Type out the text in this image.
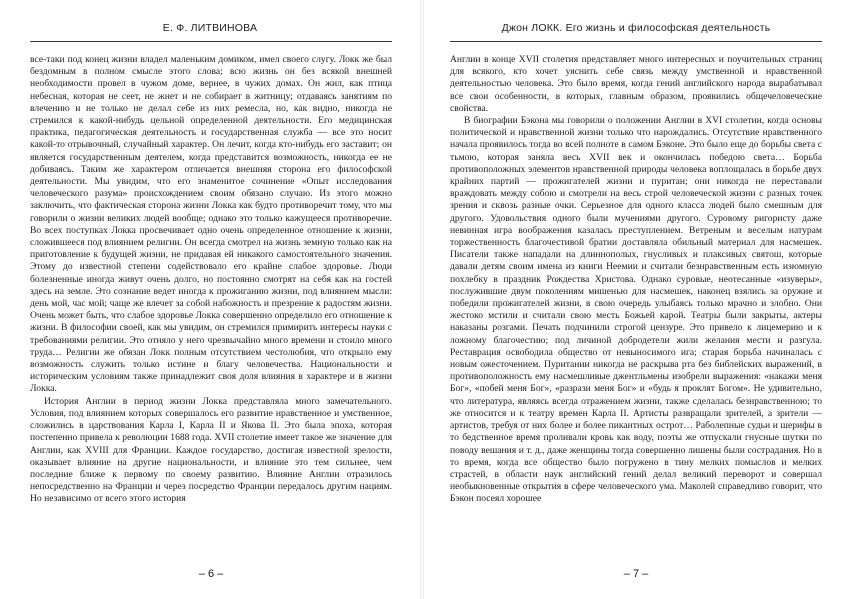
Е. Ф. ЛИТВИНОВА

все-таки под конец жизни владел маленьким домиком, имел своего слугу. Локк же был бездомным в полном смысле этого слова; всю жизнь он без всякой внешней необходимости провел в чужом доме, вернее, в чужих домах. Он жил, как птица небесная, которая не сеет, не жнет и не собирает в житницу; отдаваясь занятиям по влечению и не только не делал себе из них ремесла, но, как видно, никогда не стремился к какой-нибудь цельной определенной деятельности. Его медицинская практика, педагогическая деятельность и государственная служба — все это носит какой-то отрывочный, случайный характер. Он лечит, когда кто-нибудь его заставит; он является государственным деятелем, когда представится возможность, никогда ее не добиваясь. Таким же характером отличается внешняя сторона его философской деятельности. Мы увидим, что его знаменитое сочинение «Опыт исследования человеческого разума» происхождением своим обязано случаю. Из этого можно заключить, что фактическая сторона жизни Локка как будто противоречит тому, что мы говорили о жизни великих людей вообще; однако это только кажущееся противоречие. Во всех поступках Локка просвечивает одно очень определенное отношение к жизни, сложившееся под влиянием религии. Он всегда смотрел на жизнь земную только как на приготовление к будущей жизни, не придавая ей никакого самостоятельного значения. Этому до известной степени содействовало его крайне слабое здоровье. Люди болезненные иногда живут очень долго, но постоянно смотрят на себя как на гостей здесь на земле. Это сознание ведет иногда к прожиганию жизни, под влиянием мысли: день мой, час мой; чаще же влечет за собой набожность и презрение к радостям жизни. Очень может быть, что слабое здоровье Локка совершенно определило его отношение к жизни. В философии своей, как мы увидим, он стремился примирить интересы науки с требованиями религии. Это отняло у него чрезвычайно много времени и стоило много труда… Религии же обязан Локк полным отсутствием честолюбия, что открыло ему возможность служить только истине и благу человечества. Национальности и историческим условиям также принадлежит своя доля влияния в характере и в жизни Локка.

История Англии в период жизни Локка представляла много замечательного. Условия, под влиянием которых совершалось его развитие нравственное и умственное, сложились в царствования Карла I, Карла II и Якова II. Это была эпоха, которая постепенно привела к революции 1688 года. XVII столетие имеет такое же значение для Англии, как XVIII для Франции. Каждое государство, достигая известной зрелости, оказывает влияние на другие национальности, и влияние это тем сильнее, чем последние ближе к первому по своему развитию. Влияние Англии отразилось непосредственно на Франции и через посредство Франции передалось другим нациям. Но независимо от всего этого история

– 6 –
Джон ЛОКК. Его жизнь и философская деятельность

Англии в конце XVII столетия представляет много интересных и поучительных страниц для всякого, кто хочет уяснить себе связь между умственной и нравственной деятельностью человека. Это было время, когда гений английского народа вырабатывал все свои особенности, в которых, главным образом, проявились общечеловеческие свойства.

В биографии Бэкона мы говорили о положении Англии в XVI столетии, когда основы политической и нравственной жизни только что нарождались. Отсутствие нравственного начала проявилось тогда во всей полноте в самом Бэконе. Это было еще до борьбы света с тьмою, которая заняла весь XVII век и окончилась победою света… Борьба противоположных элементов нравственной природы человека воплощалась в борьбе двух крайних партий — прожигателей жизни и пуритан; они никогда не переставали враждовать между собою и смотрели на весь строй человеческой жизни с разных точек зрения и сквозь разные очки. Серьезное для одного класса людей было смешным для другого. Удовольствия одного были мучениями другого. Суровому ригористу даже невинная игра воображения казалась преступлением. Ветреным и веселым натурам торжественность благочестивой братии доставляла обильный материал для насмешек. Писатели также нападали на длиннополых, гнусливых и плаксивых святош, которые давали детям своим имена из книги Неемии и считали безнравственным есть изюмную похлебку в праздник Рождества Христова. Однако суровые, неотесанные «изуверы», послужившие двум поколениям мишенью для насмешек, наконец взялись за оружие и победили прожигателей жизни, в свою очередь улыбаясь только мрачно и злобно. Они жестоко мстили и считали свою месть Божьей карой. Театры были закрыты, актеры наказаны розгами. Печать подчинили строгой цензуре. Это привело к лицемерию и к ложному благочестию; под личиной добродетели жили желания мести и разгула. Реставрация освободила общество от невыносимого ига; старая борьба начиналась с новым ожесточением. Пуритании никогда не раскрыва рта без библейских выражений, в противоположность ему насмешливые джентльмены изобрели выражения: «накажи меня Бог», «побей меня Бог», «разрази меня Бог» и «будь я проклят Богом». Не удивительно, что литература, являясь всегда отражением жизни, также сделалась безнравственною; то же относится и к театру времен Карла II. Артисты развращали зрителей, а зрители — артистов, требуя от них более и более пикантных острот… Раболепные судьи и шерифы в то бедственное время проливали кровь как воду, поэты же отпускали гнусные шутки по поводу вешания и т. д., даже женщины тогда совершенно лишены были сострадания. Но в то время, когда все общество было погружено в тину мелких помыслов и мелких страстей, в области наук английский гений делал великий переворот и совершал необыкновенные открытия в сфере человеческого ума. Маколей справедливо говорит, что Бэкон посеял хорошее

– 7 –
